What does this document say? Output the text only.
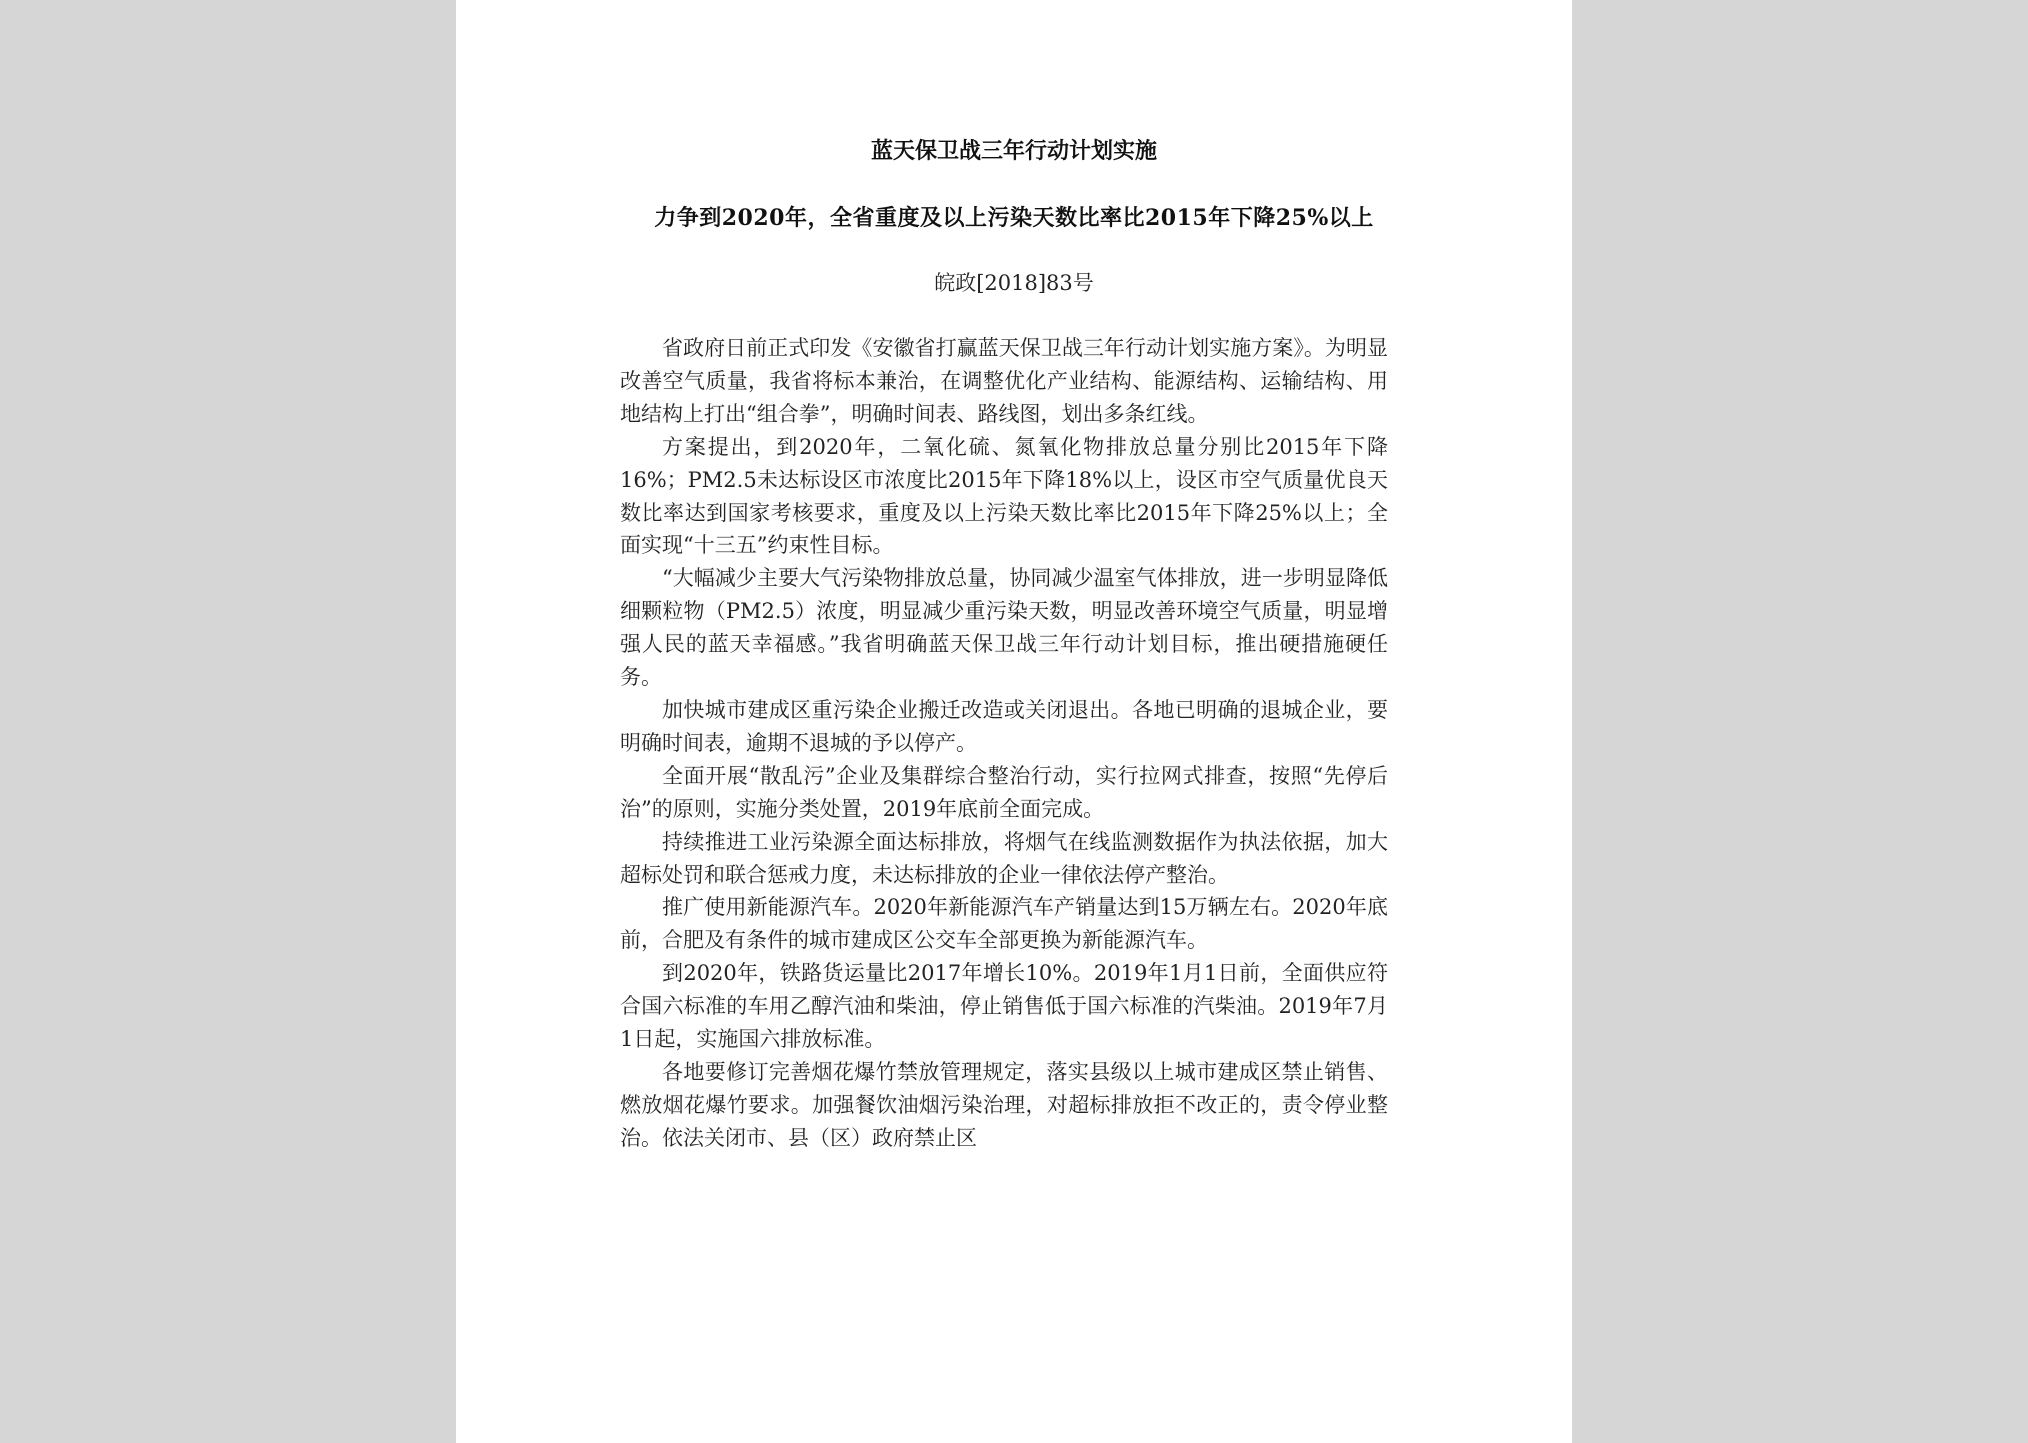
蓝天保卫战三年行动计划实施
力争到2020年，全省重度及以上污染天数比率比2015年下降25%以上
皖政[2018]83号

省政府日前正式印发《安徽省打赢蓝天保卫战三年行动计划实施方案》。为明显改善空气质量，我省将标本兼治，在调整优化产业结构、能源结构、运输结构、用地结构上打出“组合拳”，明确时间表、路线图，划出多条红线。

方案提出，到2020年，二氧化硫、氮氧化物排放总量分别比2015年下降16%；PM2.5未达标设区市浓度比2015年下降18%以上，设区市空气质量优良天数比率达到国家考核要求，重度及以上污染天数比率比2015年下降25%以上；全面实现“十三五”约束性目标。

“大幅减少主要大气污染物排放总量，协同减少温室气体排放，进一步明显降低细颗粒物（PM2.5）浓度，明显减少重污染天数，明显改善环境空气质量，明显增强人民的蓝天幸福感。”我省明确蓝天保卫战三年行动计划目标，推出硬措施硬任务。

加快城市建成区重污染企业搬迁改造或关闭退出。各地已明确的退城企业，要明确时间表，逾期不退城的予以停产。

全面开展“散乱污”企业及集群综合整治行动，实行拉网式排查，按照“先停后治”的原则，实施分类处置，2019年底前全面完成。

持续推进工业污染源全面达标排放，将烟气在线监测数据作为执法依据，加大超标处罚和联合惩戒力度，未达标排放的企业一律依法停产整治。

推广使用新能源汽车。2020年新能源汽车产销量达到15万辆左右。2020年底前，合肥及有条件的城市建成区公交车全部更换为新能源汽车。

到2020年，铁路货运量比2017年增长10%。2019年1月1日前，全面供应符合国六标准的车用乙醇汽油和柴油，停止销售低于国六标准的汽柴油。2019年7月1日起，实施国六排放标准。

各地要修订完善烟花爆竹禁放管理规定，落实县级以上城市建成区禁止销售、燃放烟花爆竹要求。加强餐饮油烟污染治理，对超标排放拒不改正的，责令停业整治。依法关闭市、县（区）政府禁止区
